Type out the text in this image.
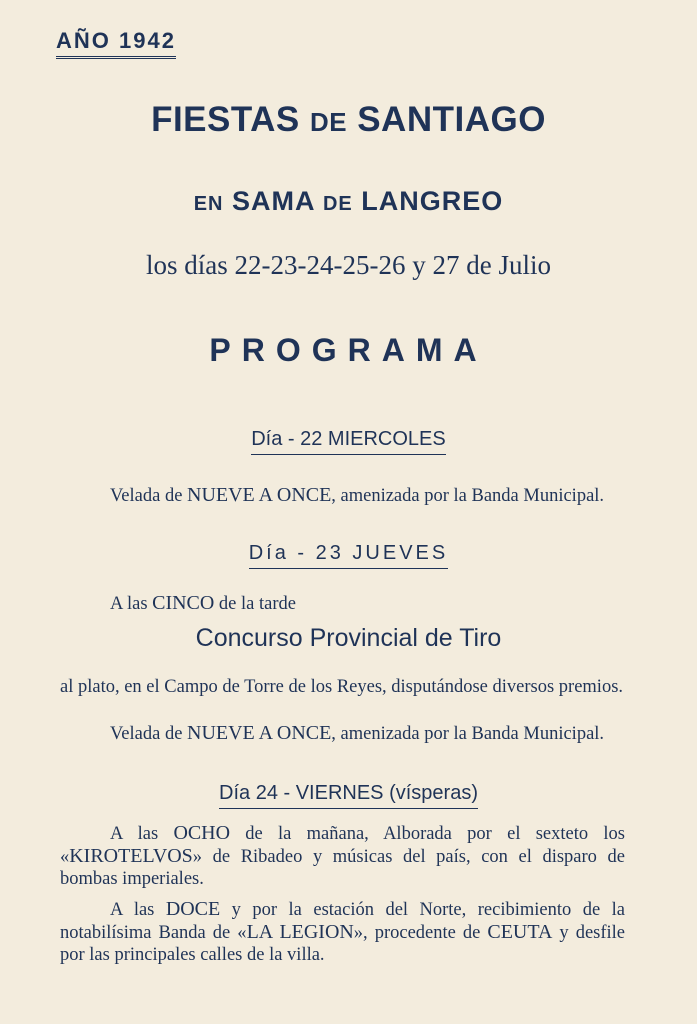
AÑO 1942
FIESTAS DE SANTIAGO
EN SAMA DE LANGREO
los días 22-23-24-25-26 y 27 de Julio
PROGRAMA
Día - 22 MIERCOLES
Velada de NUEVE A ONCE, amenizada por la Banda Municipal.
Día - 23 JUEVES
A las CINCO de la tarde
Concurso Provincial de Tiro
al plato, en el Campo de Torre de los Reyes, disputándose diversos premios.
Velada de NUEVE A ONCE, amenizada por la Banda Municipal.
Día 24 - VIERNES (vísperas)
A las OCHO de la mañana, Alborada por el sexteto los «KIROTELVOS» de Ribadeo y músicas del país, con el disparo de bombas imperiales.
A las DOCE y por la estación del Norte, recibimiento de la notabilísima Banda de «LA LEGION», procedente de CEUTA y desfile por las principales calles de la villa.
